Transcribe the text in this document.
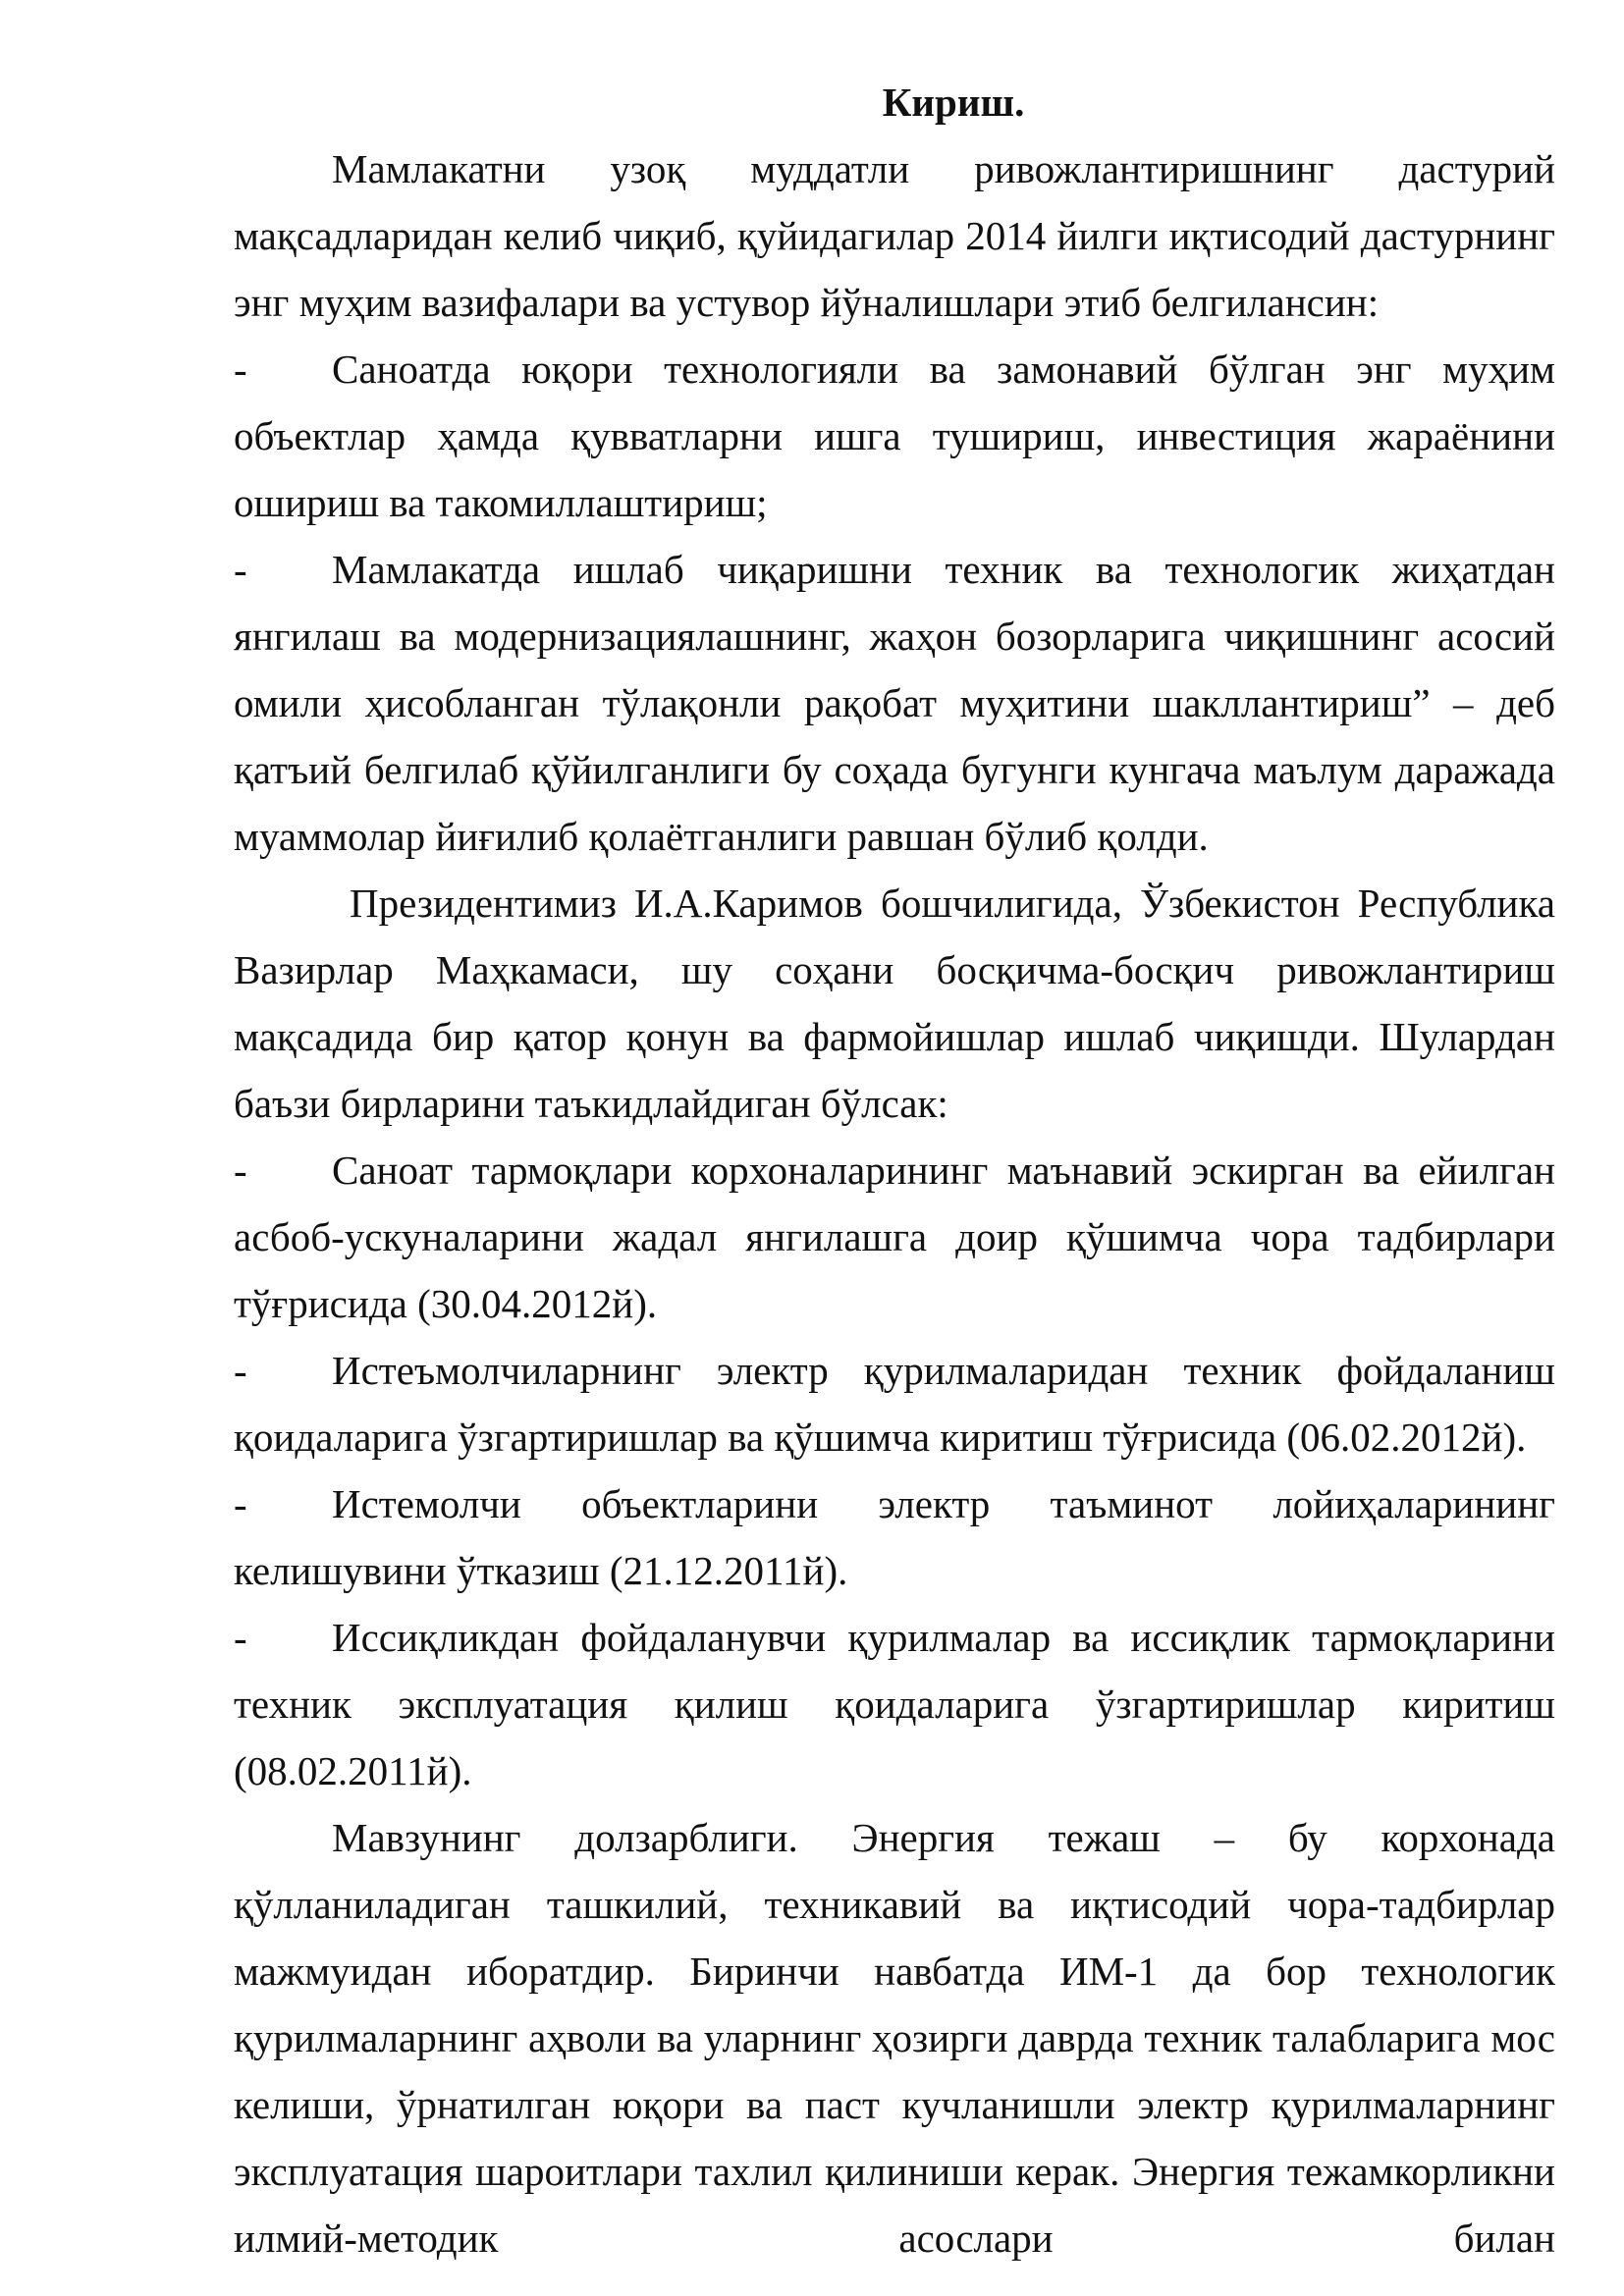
Кириш.

Мамлакатни узоқ муддатли ривожлантиришнинг дастурий мақсадларидан келиб чиқиб, қуйидагилар 2014 йилги иқтисодий дастурнинг энг муҳим вазифалари ва устувор йўналишлари этиб белгилансин:

- Саноатда юқори технологияли ва замонавий бўлган энг муҳим объектлар ҳамда қувватларни ишга тушириш, инвестиция жараёнини ошириш ва такомиллаштириш;

- Мамлакатда ишлаб чиқаришни техник ва технологик жиҳатдан янгилаш ва модернизациялашнинг, жаҳон бозорларига чиқишнинг асосий омили ҳисобланган тўлақонли рақобат муҳитини шакллантириш” – деб қатъий белгилаб қўйилганлиги бу соҳада бугунги кунгача маълум даражада муаммолар йиғилиб қолаётганлиги равшан бўлиб қолди.

Президентимиз И.А.Каримов бошчилигида, Ўзбекистон Республика Вазирлар Маҳкамаси, шу соҳани босқичма-босқич ривожлантириш мақсадида бир қатор қонун ва фармойишлар ишлаб чиқишди. Шулардан баъзи бирларини таъкидлайдиган бўлсак:

- Саноат тармоқлари корхоналарининг маънавий эскирган ва ейилган асбоб-ускуналарини жадал янгилашга доир қўшимча чора тадбирлари тўғрисида (30.04.2012й).

- Истеъмолчиларнинг электр қурилмаларидан техник фойдаланиш қоидаларига ўзгартиришлар ва қўшимча киритиш тўғрисида (06.02.2012й).

- Истемолчи объектларини электр таъминот лойиҳаларининг келишувини ўтказиш (21.12.2011й).

- Иссиқликдан фойдаланувчи қурилмалар ва иссиқлик тармоқларини техник эксплуатация қилиш қоидаларига ўзгартиришлар киритиш (08.02.2011й).

Мавзунинг долзарблиги. Энергия тежаш – бу корхонада қўлланиладиган ташкилий, техникавий ва иқтисодий чора-тадбирлар мажмуидан иборатдир. Биринчи навбатда ИМ-1 да бор технологик қурилмаларнинг аҳволи ва уларнинг ҳозирги даврда техник талабларига мос келиши, ўрнатилган юқори ва паст кучланишли электр қурилмаларнинг эксплуатация шароитлари тахлил қилиниши керак. Энергия тежамкорликни илмий-методик асослари билан
